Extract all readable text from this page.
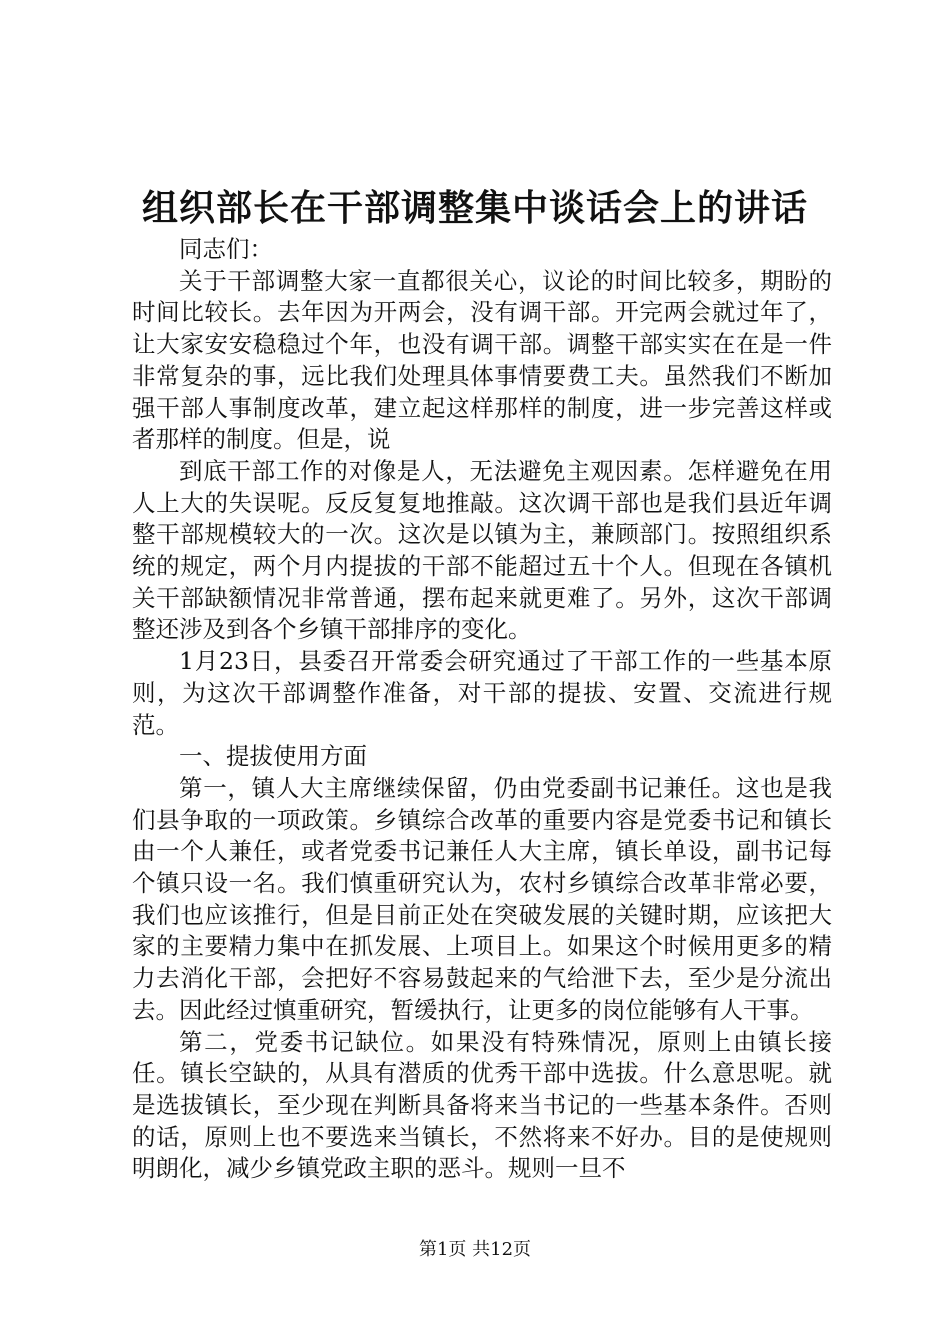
组织部长在干部调整集中谈话会上的讲话

同志们：

关于干部调整大家一直都很关心，议论的时间比较多，期盼的时间比较长。去年因为开两会，没有调干部。开完两会就过年了，让大家安安稳稳过个年，也没有调干部。调整干部实实在在是一件非常复杂的事，远比我们处理具体事情要费工夫。虽然我们不断加强干部人事制度改革，建立起这样那样的制度，进一步完善这样或者那样的制度。但是，说

到底干部工作的对像是人，无法避免主观因素。怎样避免在用人上大的失误呢。反反复复地推敲。这次调干部也是我们县近年调整干部规模较大的一次。这次是以镇为主，兼顾部门。按照组织系统的规定，两个月内提拔的干部不能超过五十个人。但现在各镇机关干部缺额情况非常普通，摆布起来就更难了。另外，这次干部调整还涉及到各个乡镇干部排序的变化。

1月23日，县委召开常委会研究通过了干部工作的一些基本原则，为这次干部调整作准备，对干部的提拔、安置、交流进行规范。

一、提拔使用方面

第一，镇人大主席继续保留，仍由党委副书记兼任。这也是我们县争取的一项政策。乡镇综合改革的重要内容是党委书记和镇长由一个人兼任，或者党委书记兼任人大主席，镇长单设，副书记每个镇只设一名。我们慎重研究认为，农村乡镇综合改革非常必要，我们也应该推行，但是目前正处在突破发展的关键时期，应该把大家的主要精力集中在抓发展、上项目上。如果这个时候用更多的精力去消化干部，会把好不容易鼓起来的气给泄下去，至少是分流出去。因此经过慎重研究，暂缓执行，让更多的岗位能够有人干事。

第二，党委书记缺位。如果没有特殊情况，原则上由镇长接任。镇长空缺的，从具有潜质的优秀干部中选拔。什么意思呢。就是选拔镇长，至少现在判断具备将来当书记的一些基本条件。否则的话，原则上也不要选来当镇长，不然将来不好办。目的是使规则明朗化，减少乡镇党政主职的恶斗。规则一旦不

第1页 共12页
